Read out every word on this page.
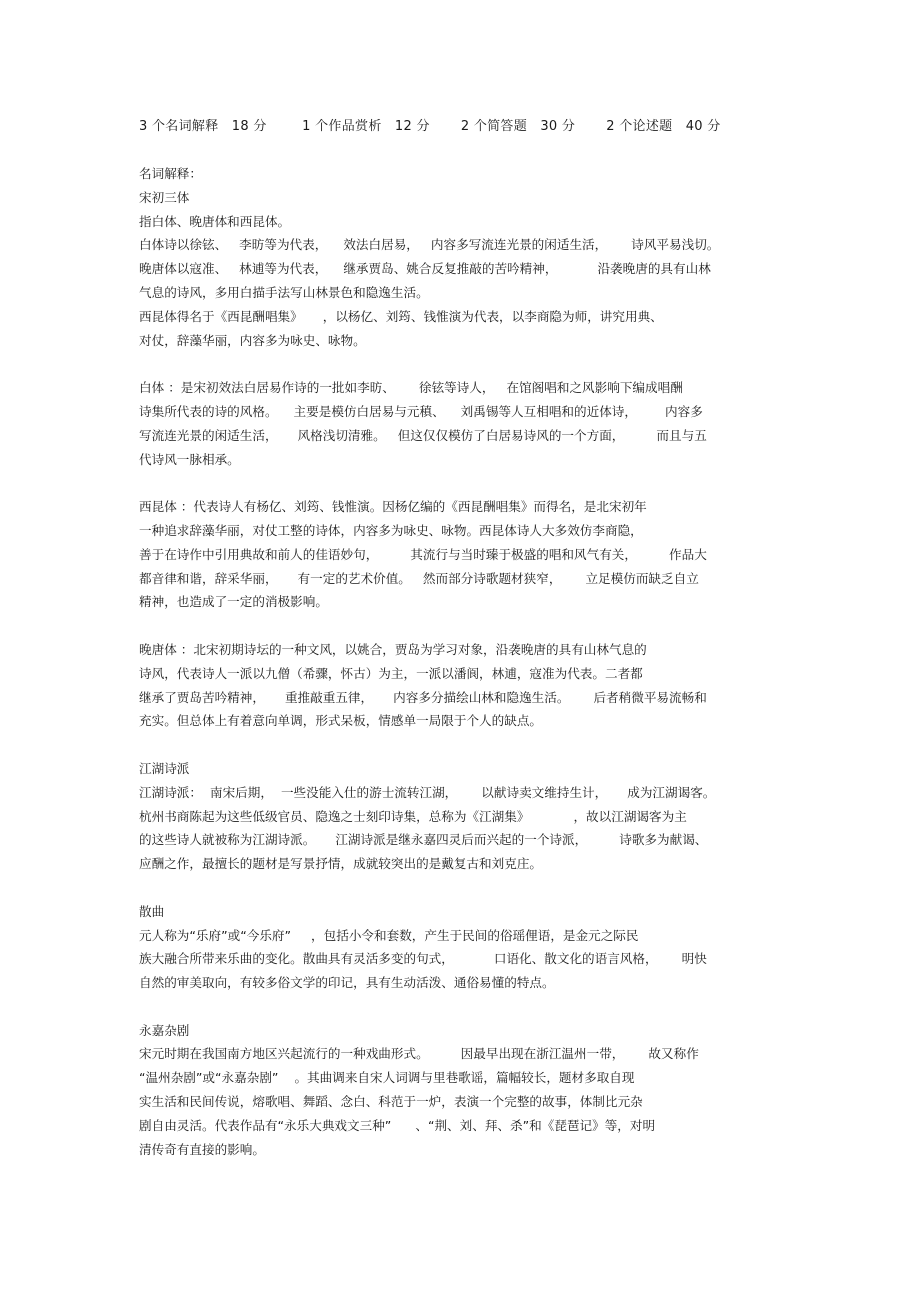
3 个名词解释   18 分        1 个作品赏析   12 分       2 个简答题   30 分       2 个论述题   40 分
名词解释：
宋初三体
指白体、晚唐体和西昆体。
白体诗以徐铉、   李昉等为代表，    效法白居易，   内容多写流连光景的闲适生活，      诗风平易浅切。
晚唐体以寇准、   林逋等为代表，    继承贾岛、姚合反复推敲的苦吟精神，          沿袭晚唐的具有山林
气息的诗风，多用白描手法写山林景色和隐逸生活。
西昆体得名于《西昆酬唱集》     ，以杨亿、刘筠、钱惟演为代表，以李商隐为师，讲究用典、
对仗，辞藻华丽，内容多为咏史、咏物。
白体 ：是宋初效法白居易作诗的一批如李昉、      徐铉等诗人，   在馆阁唱和之风影响下编成唱酬
诗集所代表的诗的风格。    主要是模仿白居易与元稹、    刘禹锡等人互相唱和的近体诗，       内容多
写流连光景的闲适生活，     风格浅切清雅。   但这仅仅模仿了白居易诗风的一个方面，        而且与五
代诗风一脉相承。
西昆体 ：代表诗人有杨亿、刘筠、钱惟演。因杨亿编的《西昆酬唱集》而得名，是北宋初年
一种追求辞藻华丽，对仗工整的诗体，内容多为咏史、咏物。西昆体诗人大多效仿李商隐，
善于在诗作中引用典故和前人的佳语妙句，        其流行与当时臻于极盛的唱和风气有关，        作品大
都音律和谐，辞采华丽，     有一定的艺术价值。   然而部分诗歌题材狭窄，      立足模仿而缺乏自立
精神，也造成了一定的消极影响。
晚唐体 ：北宋初期诗坛的一种文风，以姚合，贾岛为学习对象，沿袭晚唐的具有山林气息的
诗风，代表诗人一派以九僧（希骤，怀古）为主，一派以潘阆，林逋，寇准为代表。二者都
继承了贾岛苦吟精神，     重推敲重五律，     内容多分描绘山林和隐逸生活。      后者稍微平易流畅和
充实。但总体上有着意向单调，形式呆板，情感单一局限于个人的缺点。
江湖诗派
江湖诗派：  南宋后期，  一些没能入仕的游士流转江湖，      以献诗卖文维持生计，     成为江湖谒客。
杭州书商陈起为这些低级官员、隐逸之士刻印诗集，总称为《江湖集》           ，故以江湖谒客为主
的这些诗人就被称为江湖诗派。     江湖诗派是继永嘉四灵后而兴起的一个诗派，        诗歌多为献谒、
应酬之作，最擅长的题材是写景抒情，成就较突出的是戴复古和刘克庄。
散曲
元人称为“乐府”或“今乐府”     ，包括小令和套数，产生于民间的俗瑶俚语，是金元之际民
族大融合所带来乐曲的变化。散曲具有灵活多变的句式，          口语化、散文化的语言风格，      明快
自然的审美取向，有较多俗文学的印记，具有生动活泼、通俗易懂的特点。
永嘉杂剧
宋元时期在我国南方地区兴起流行的一种戏曲形式。        因最早出现在浙江温州一带，      故又称作
“温州杂剧”或“永嘉杂剧”    。其曲调来自宋人词调与里巷歌谣，篇幅较长，题材多取自现
实生活和民间传说，熔歌唱、舞蹈、念白、科范于一炉，表演一个完整的故事，体制比元杂
剧自由灵活。代表作品有“永乐大典戏文三种”      、“荆、刘、拜、杀”和《琵琶记》等，对明
清传奇有直接的影响。
